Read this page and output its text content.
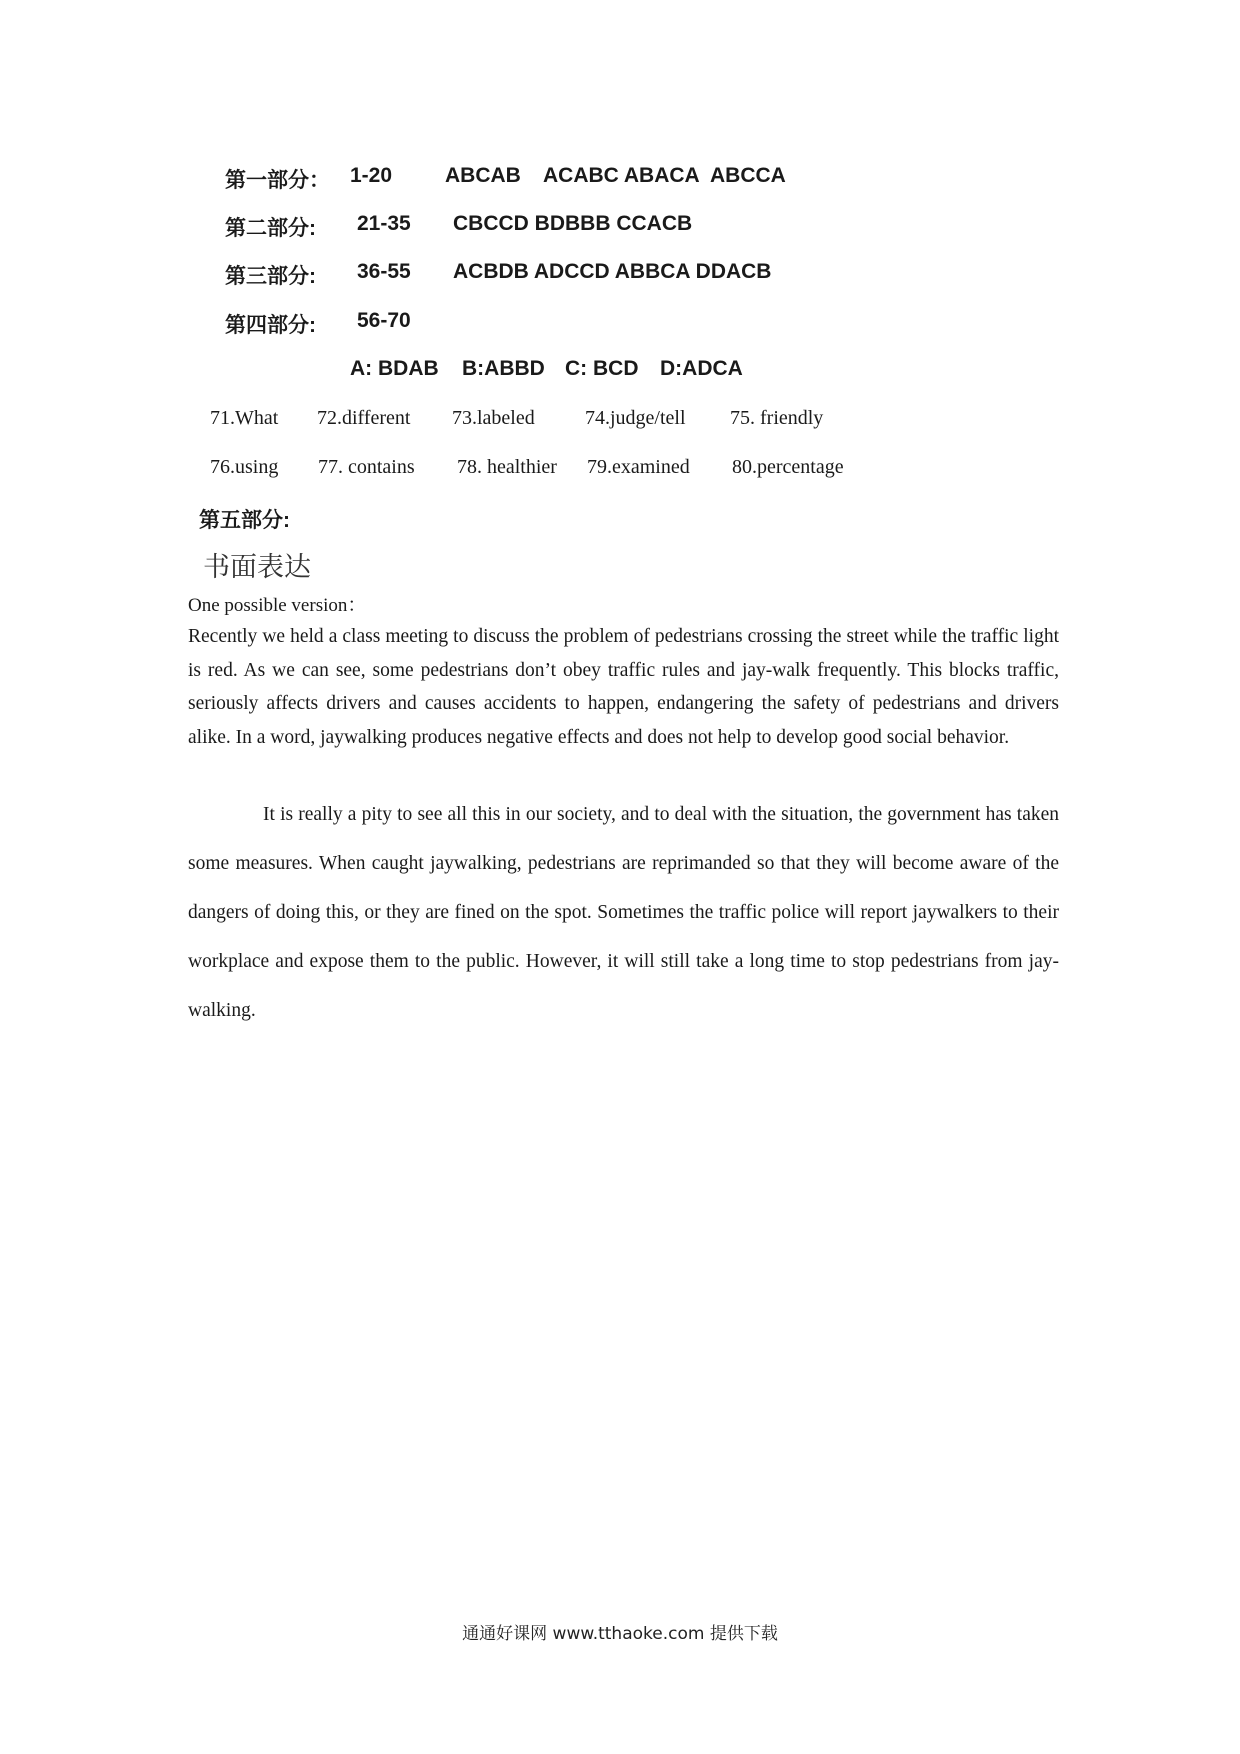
第一部分： 1-20	ABCAB ACABC ABACA ABCCA
第二部分: 21-35 CBCCD BDBBB CCACB
第三部分: 36-55 ACBDB ADCCD ABBCA DDACB
第四部分: 56-70
A: BDAB B:ABBD C: BCD D:ADCA
71.What 72.different 73.labeled	74.judge/tell 75. friendly
76.using 77. contains 78. healthier 79.examined 80.percentage
第五部分:
书面表达
One possible version：
Recently we held a class meeting to discuss the problem of pedestrians crossing the street while the traffic light is red. As we can see, some pedestrians don’t obey traffic rules and jay-walk frequently. This blocks traffic, seriously affects drivers and causes accidents to happen, endangering the safety of pedestrians and drivers alike. In a word, jaywalking produces negative effects and does not help to develop good social behavior.
It is really a pity to see all this in our society, and to deal with the situation, the government has taken some measures. When caught jaywalking, pedestrians are reprimanded so that they will become aware of the dangers of doing this, or they are fined on the spot. Sometimes the traffic police will report jaywalkers to their workplace and expose them to the public. However, it will still take a long time to stop pedestrians from jay-walking.
通通好课网 www.tthaoke.com 提供下载
